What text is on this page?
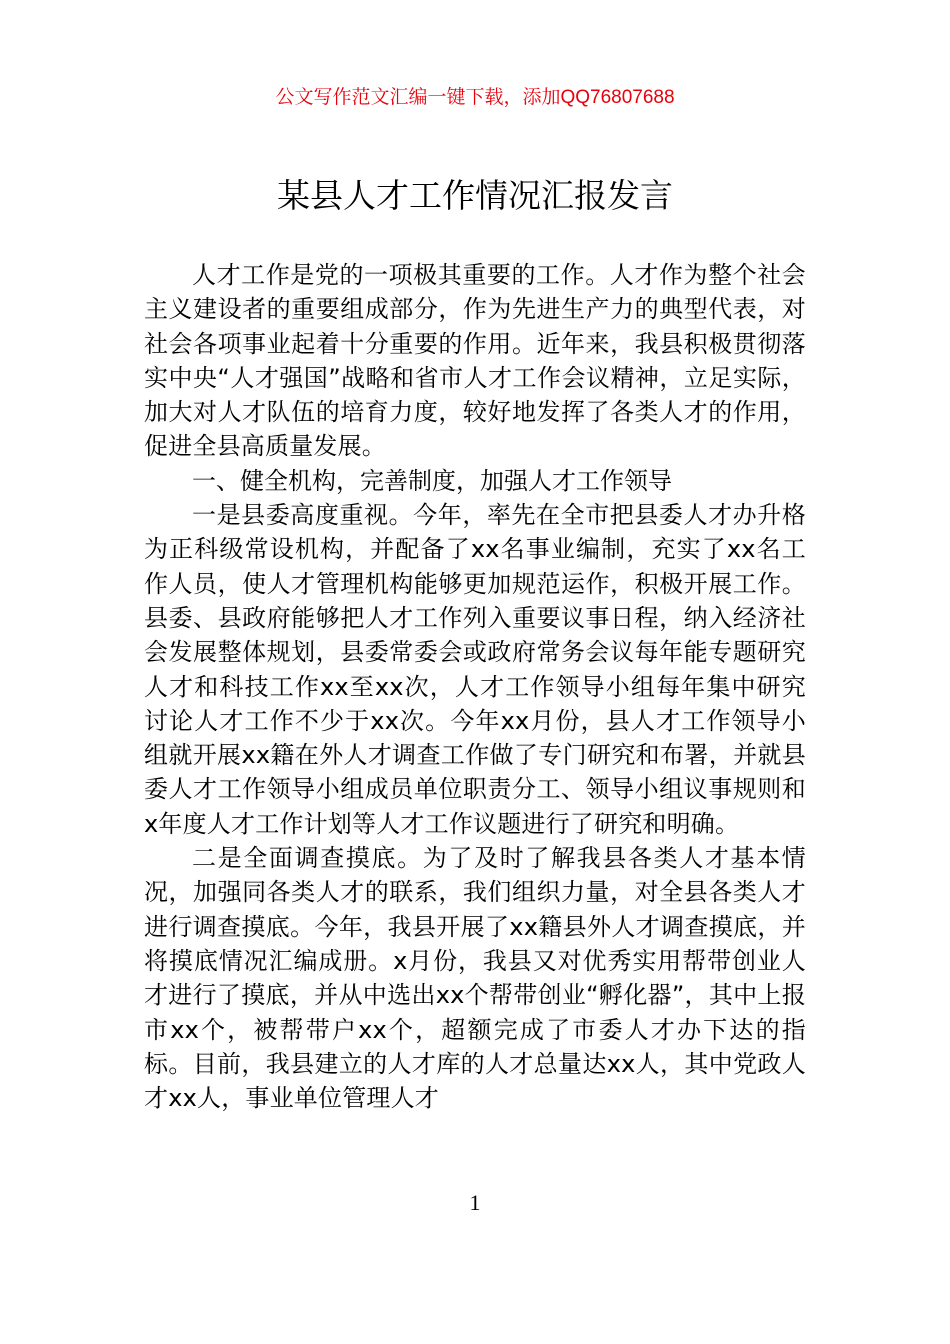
公文写作范文汇编一键下载，添加QQ76807688
某县人才工作情况汇报发言

人才工作是党的一项极其重要的工作。人才作为整个社会主义建设者的重要组成部分，作为先进生产力的典型代表，对社会各项事业起着十分重要的作用。近年来，我县积极贯彻落实中央“人才强国”战略和省市人才工作会议精神，立足实际，加大对人才队伍的培育力度，较好地发挥了各类人才的作用，促进全县高质量发展。

一、健全机构，完善制度，加强人才工作领导

一是县委高度重视。今年，率先在全市把县委人才办升格为正科级常设机构，并配备了xx名事业编制，充实了xx名工作人员，使人才管理机构能够更加规范运作，积极开展工作。县委、县政府能够把人才工作列入重要议事日程，纳入经济社会发展整体规划，县委常委会或政府常务会议每年能专题研究人才和科技工作xx至xx次，人才工作领导小组每年集中研究讨论人才工作不少于xx次。今年xx月份，县人才工作领导小组就开展xx籍在外人才调查工作做了专门研究和布署，并就县委人才工作领导小组成员单位职责分工、领导小组议事规则和x年度人才工作计划等人才工作议题进行了研究和明确。

二是全面调查摸底。为了及时了解我县各类人才基本情况，加强同各类人才的联系，我们组织力量，对全县各类人才进行调查摸底。今年，我县开展了xx籍县外人才调查摸底，并将摸底情况汇编成册。x月份，我县又对优秀实用帮带创业人才进行了摸底，并从中选出xx个帮带创业“孵化器”，其中上报市xx个，被帮带户xx个，超额完成了市委人才办下达的指标。目前，我县建立的人才库的人才总量达xx人，其中党政人才xx人，事业单位管理人才

1
